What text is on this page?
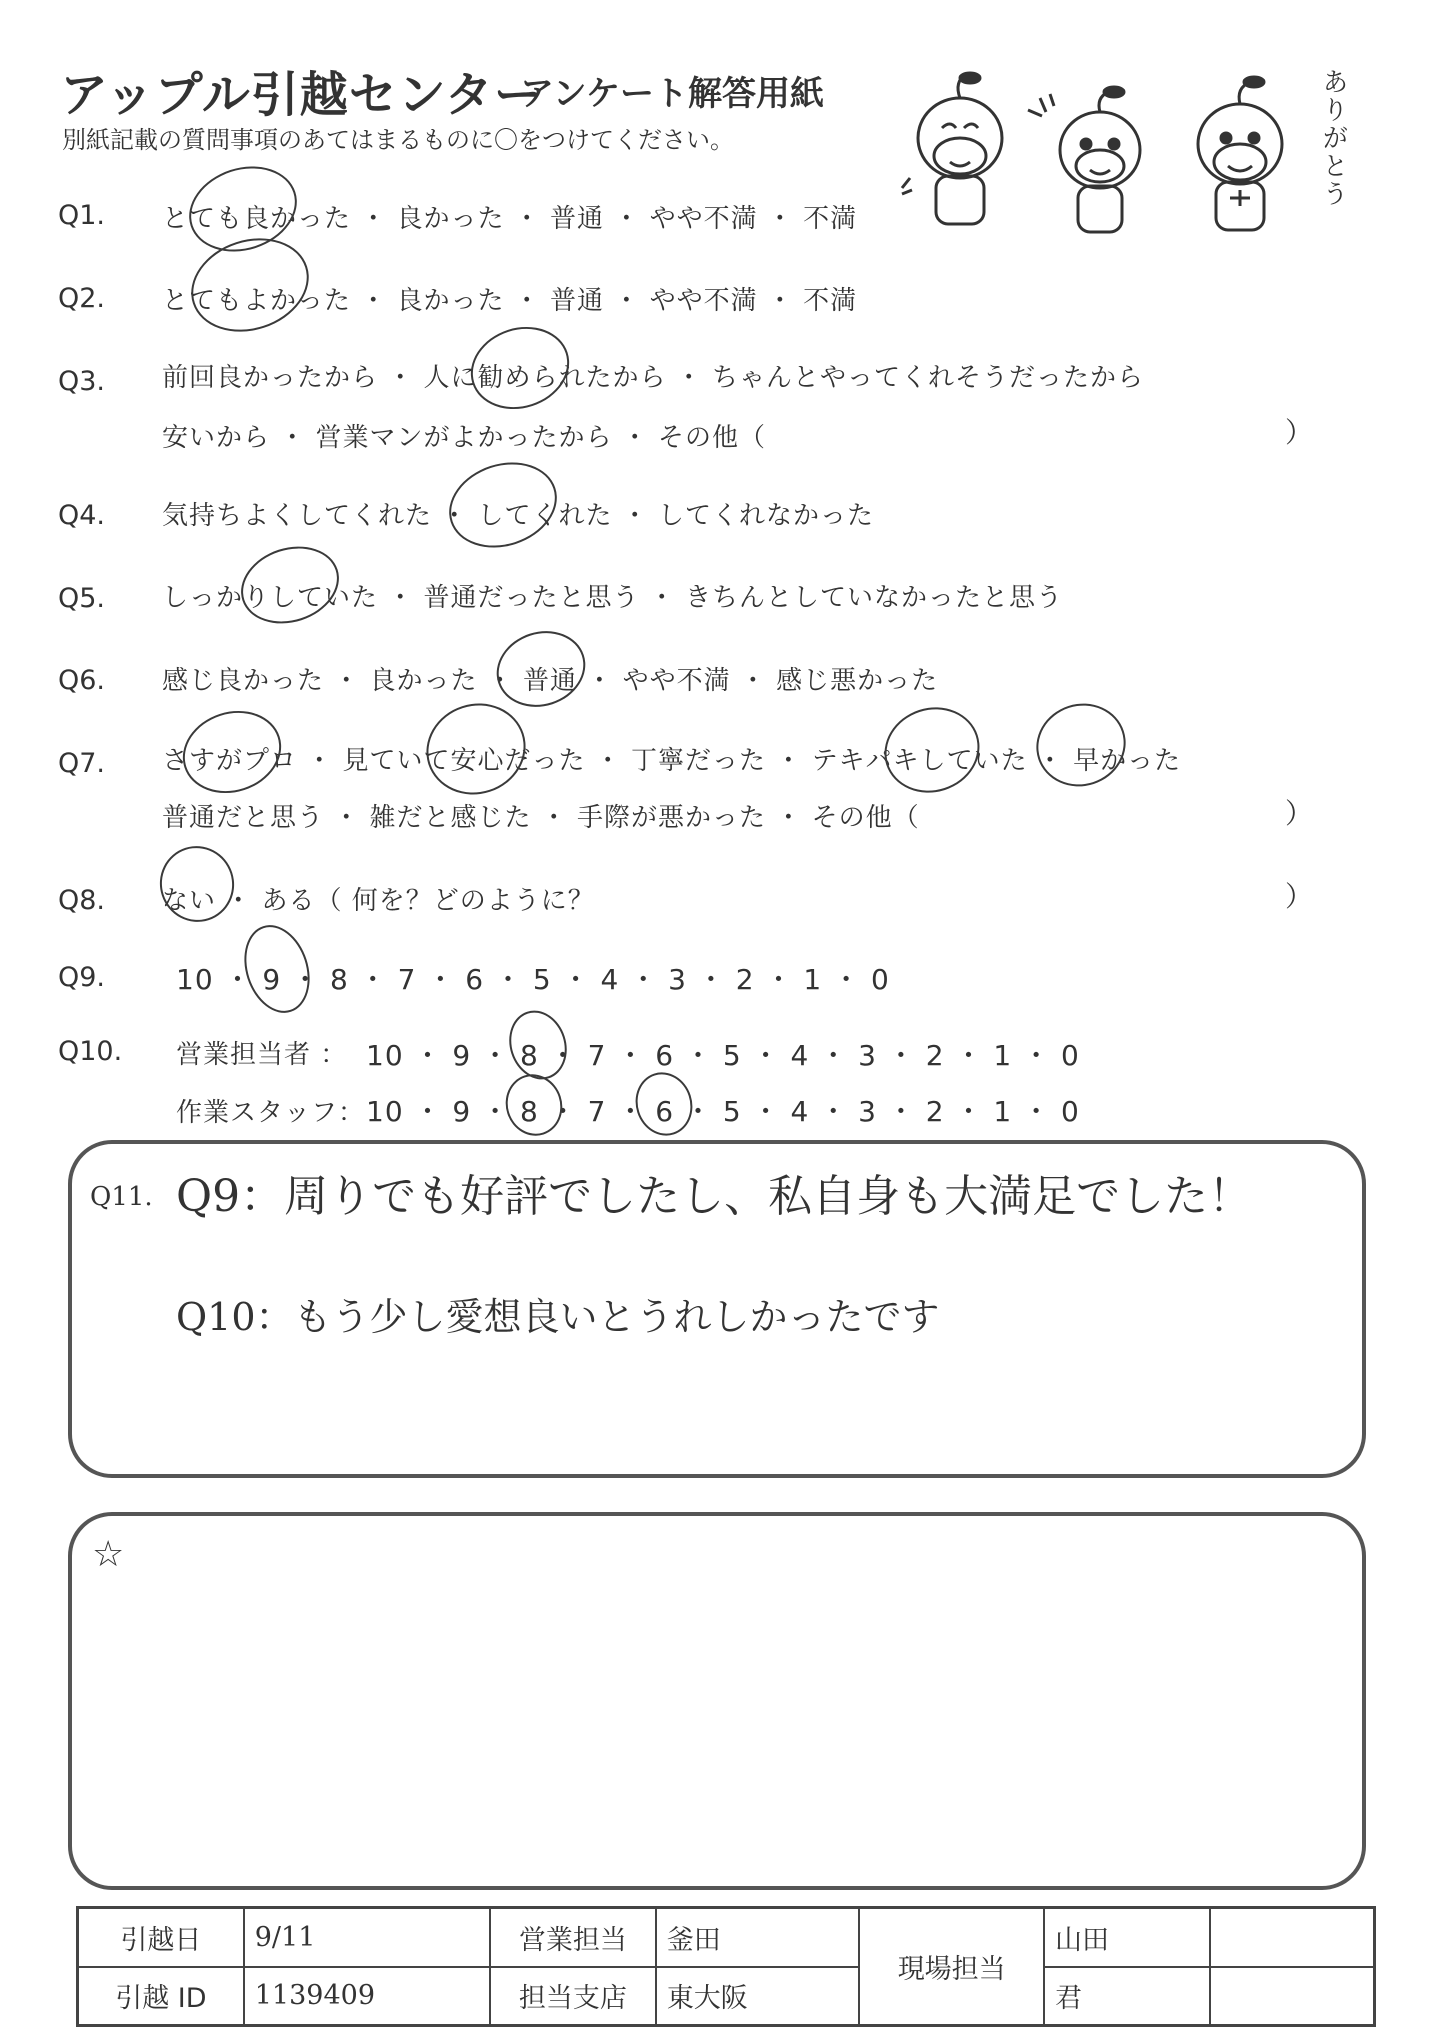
アップル引越センター
アンケート解答用紙
別紙記載の質問事項のあてはまるものに〇をつけてください。	ありがとう
Q1. とても良かった ・ 良かった ・ 普通 ・ やや不満 ・ 不満
Q2. とてもよかった ・ 良かった ・ 普通 ・ やや不満 ・ 不満
Q3. 前回良かったから ・ 人に勧められたから ・ ちゃんとやってくれそうだったから
安いから ・ 営業マンがよかったから ・ その他（	）
Q4. 気持ちよくしてくれた ・ してくれた ・ してくれなかった
Q5. しっかりしていた ・ 普通だったと思う ・ きちんとしていなかったと思う
Q6. 感じ良かった ・ 良かった ・ 普通 ・ やや不満 ・ 感じ悪かった
Q7. さすがプロ ・ 見ていて安心だった ・ 丁寧だった ・ テキパキしていた ・ 早かった
普通だと思う ・ 雑だと感じた ・ 手際が悪かった ・ その他（	）
Q8. ない ・ ある（ 何を？どのように？	）
Q9.	10 ・ 9 ・ 8 ・ 7 ・ 6 ・ 5 ・ 4 ・ 3 ・ 2 ・ 1 ・ 0
Q10. 営業担当者 ： 10 ・ 9 ・ 8 ・ 7 ・ 6 ・ 5 ・ 4 ・ 3 ・ 2 ・ 1 ・ 0
作業スタッフ： 10 ・ 9 ・ 8 ・ 7 ・ 6 ・ 5 ・ 4 ・ 3 ・ 2 ・ 1 ・ 0
Q11. Q9：周りでも好評でしたし、私自身も大満足でした！
Q10：もう少し愛想良いとうれしかったです
☆
引越日	9/11	営業担当	釜田	現場担当	山田	
引越 ID	1139409	担当支店	東大阪		君	
